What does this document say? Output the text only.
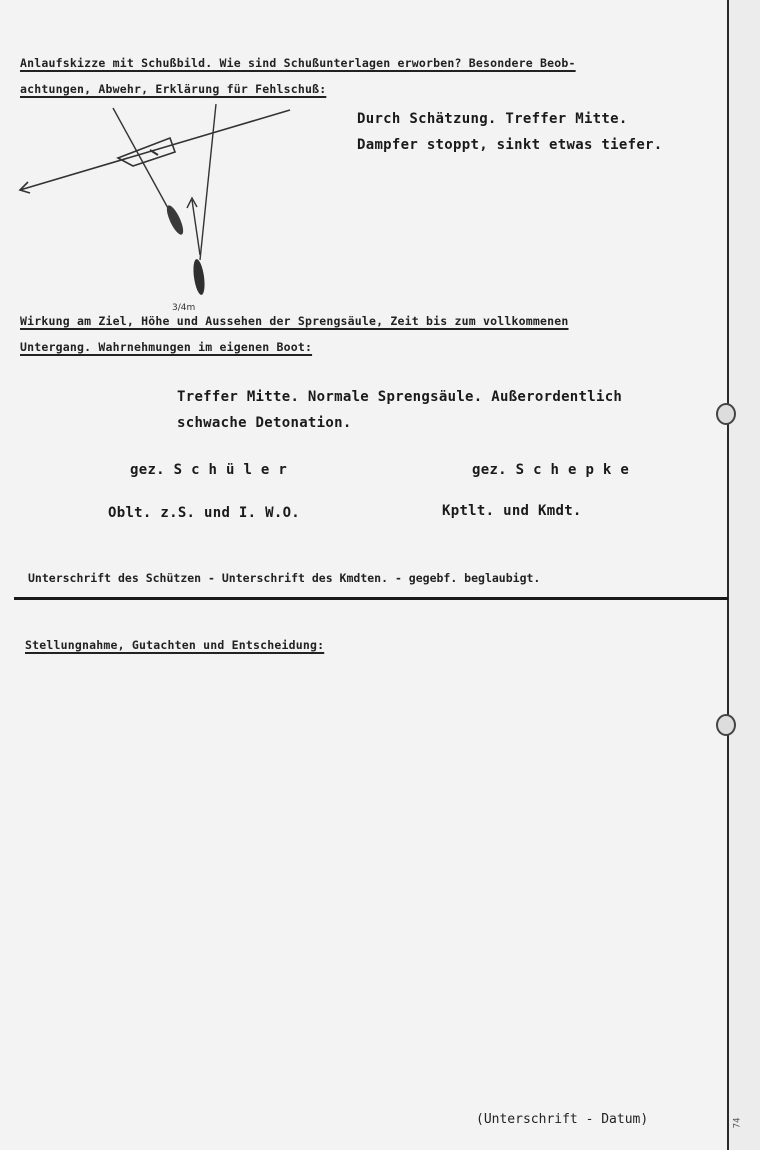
74
Anlaufskizze mit Schußbild. Wie sind Schußunterlagen erworben? Besondere Beob-
achtungen, Abwehr, Erklärung für Fehlschuß:
3/4m
Durch Schätzung. Treffer Mitte.
Dampfer stoppt, sinkt etwas tiefer.
Wirkung am Ziel, Höhe und Aussehen der Sprengsäule, Zeit bis zum vollkommenen
Untergang. Wahrnehmungen im eigenen Boot:
Treffer Mitte. Normale Sprengsäule. Außerordentlich
schwache Detonation.
gez. S c h ü l e r	gez. S c h e p k e
Oblt. z.S. und I. W.O.	Kptlt. und Kmdt.
Unterschrift des Schützen - Unterschrift des Kmdten. - gegebf. beglaubigt.
Stellungnahme, Gutachten und Entscheidung:
(Unterschrift - Datum)
